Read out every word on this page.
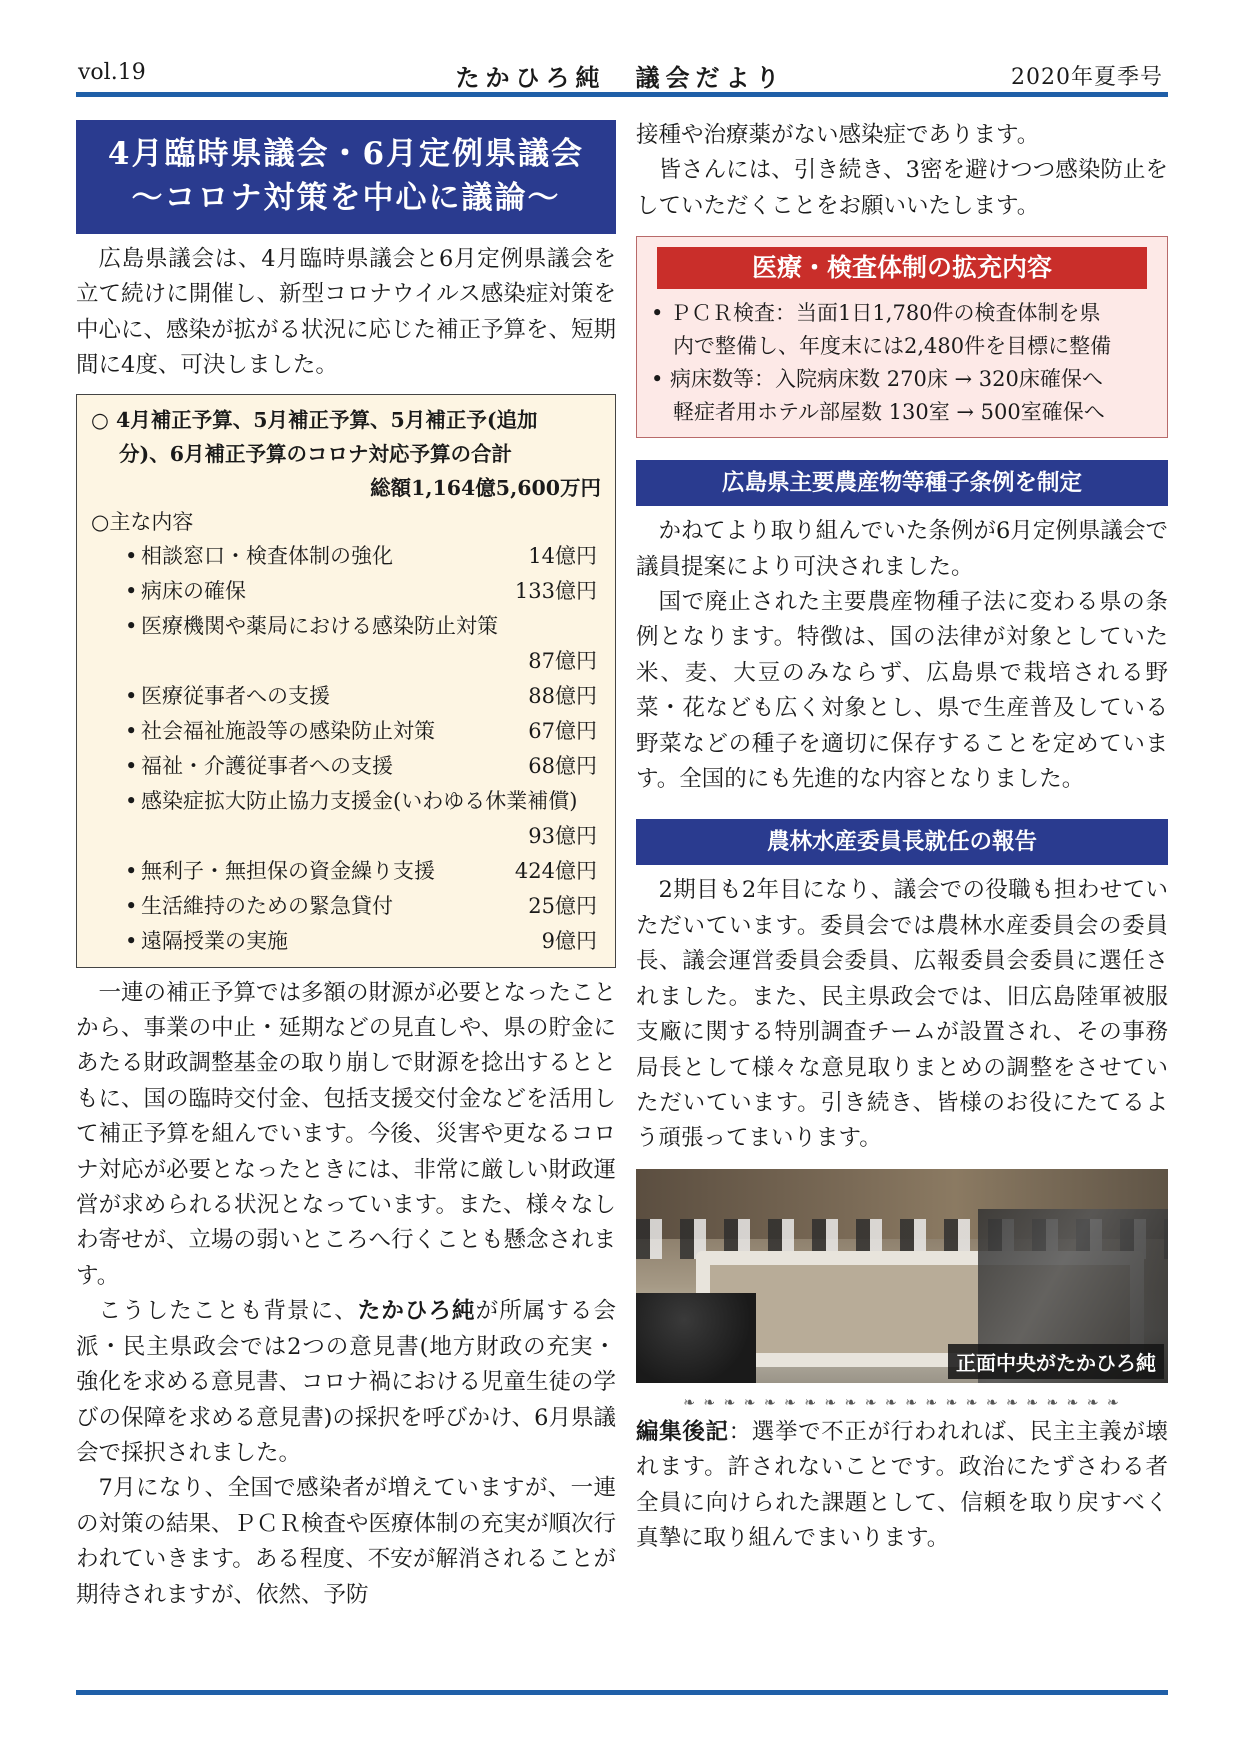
vol.19	たかひろ純　議会だより	2020年夏季号
4月臨時県議会・6月定例県議会
～コロナ対策を中心に議論～

広島県議会は、4月臨時県議会と6月定例県議会を立て続けに開催し、新型コロナウイルス感染症対策を中心に、感染が拡がる状況に応じた補正予算を、短期間に4度、可決しました。

○ 4月補正予算、5月補正予算、5月補正予(追加
分)、6月補正予算のコロナ対応予算の合計
総額1,164億5,600万円
○主な内容
• 相談窓口・検査体制の強化	14億円
• 病床の確保	133億円
• 医療機関や薬局における感染防止対策
87億円
• 医療従事者への支援	88億円
• 社会福祉施設等の感染防止対策	67億円
• 福祉・介護従事者への支援	68億円
• 感染症拡大防止協力支援金(いわゆる休業補償)
93億円
• 無利子・無担保の資金繰り支援	424億円
• 生活維持のための緊急貸付	25億円
• 遠隔授業の実施	9億円

一連の補正予算では多額の財源が必要となったことから、事業の中止・延期などの見直しや、県の貯金にあたる財政調整基金の取り崩しで財源を捻出するとともに、国の臨時交付金、包括支援交付金などを活用して補正予算を組んでいます。今後、災害や更なるコロナ対応が必要となったときには、非常に厳しい財政運営が求められる状況となっています。また、様々なしわ寄せが、立場の弱いところへ行くことも懸念されます。

こうしたことも背景に、たかひろ純が所属する会派・民主県政会では2つの意見書(地方財政の充実・強化を求める意見書、コロナ禍における児童生徒の学びの保障を求める意見書)の採択を呼びかけ、6月県議会で採択されました。

7月になり、全国で感染者が増えていますが、一連の対策の結果、ＰＣＲ検査や医療体制の充実が順次行われていきます。ある程度、不安が解消されることが期待されますが、依然、予防

接種や治療薬がない感染症であります。

皆さんには、引き続き、3密を避けつつ感染防止をしていただくことをお願いいたします。

医療・検査体制の拡充内容
• ＰＣＲ検査：当面1日1,780件の検査体制を県
内で整備し、年度末には2,480件を目標に整備
• 病床数等：入院病床数 270床 → 320床確保へ
軽症者用ホテル部屋数 130室 → 500室確保へ
広島県主要農産物等種子条例を制定

かねてより取り組んでいた条例が6月定例県議会で議員提案により可決されました。

国で廃止された主要農産物種子法に変わる県の条例となります。特徴は、国の法律が対象としていた米、麦、大豆のみならず、広島県で栽培される野菜・花なども広く対象とし、県で生産普及している野菜などの種子を適切に保存することを定めています。全国的にも先進的な内容となりました。

農林水産委員長就任の報告

2期目も2年目になり、議会での役職も担わせていただいています。委員会では農林水産委員会の委員長、議会運営委員会委員、広報委員会委員に選任されました。また、民主県政会では、旧広島陸軍被服支廠に関する特別調査チームが設置され、その事務局長として様々な意見取りまとめの調整をさせていただいています。引き続き、皆様のお役にたてるよう頑張ってまいります。

正面中央がたかひろ純
❧ ❧ ❧ ❧ ❧ ❧ ❧ ❧ ❧ ❧ ❧ ❧ ❧ ❧ ❧ ❧ ❧ ❧ ❧ ❧ ❧ ❧

編集後記：選挙で不正が行われれば、民主主義が壊れます。許されないことです。政治にたずさわる者全員に向けられた課題として、信頼を取り戻すべく真摯に取り組んでまいります。
